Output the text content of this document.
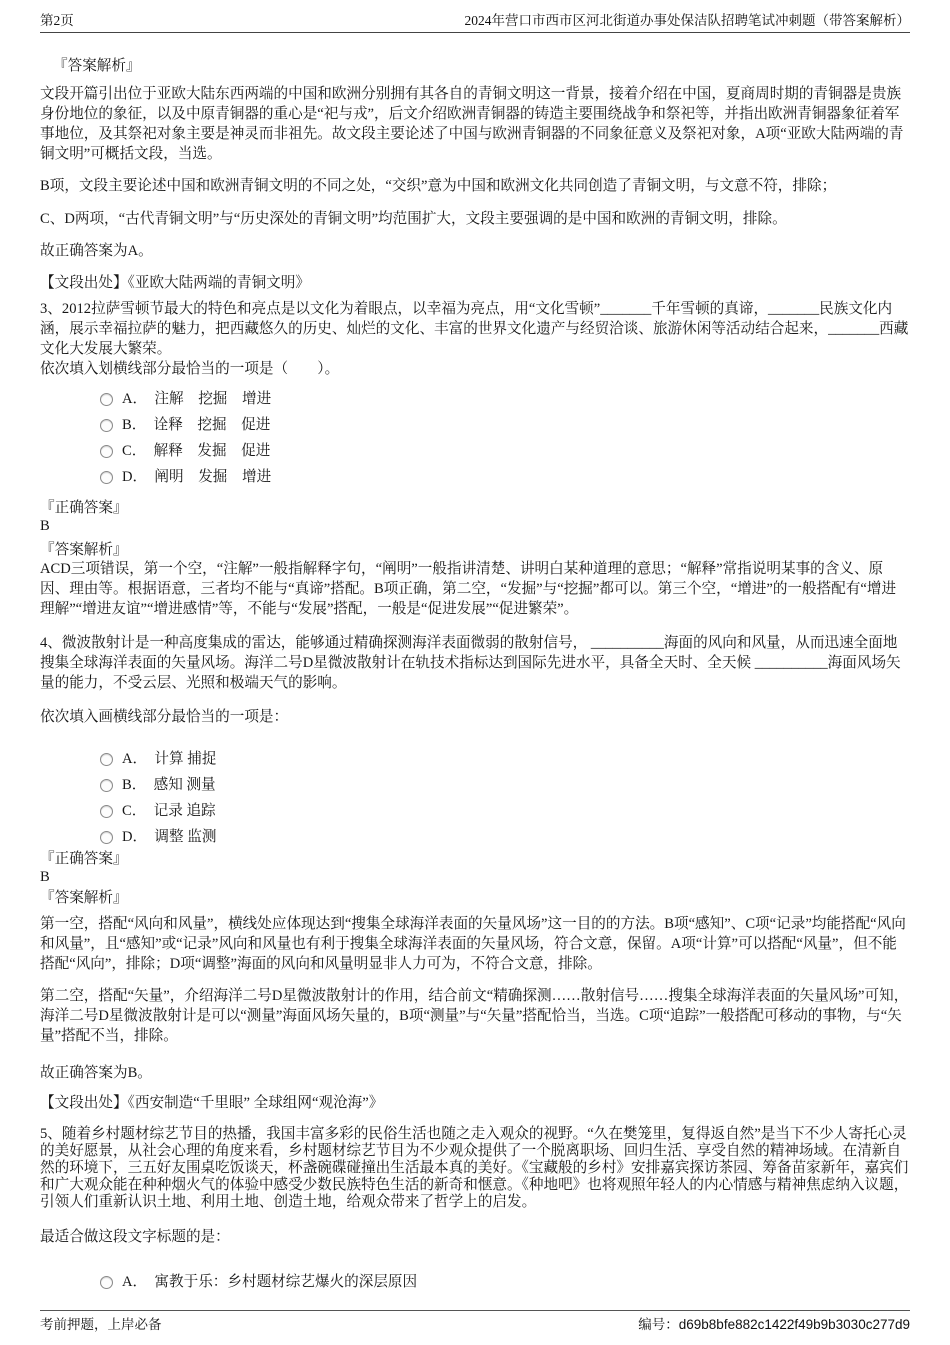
第2页	2024年营口市西市区河北街道办事处保洁队招聘笔试冲刺题（带答案解析）

『答案解析』

文段开篇引出位于亚欧大陆东西两端的中国和欧洲分别拥有其各自的青铜文明这一背景，接着介绍在中国，夏商周时期的青铜器是贵族身份地位的象征，以及中原青铜器的重心是“祀与戎”，后文介绍欧洲青铜器的铸造主要围绕战争和祭祀等，并指出欧洲青铜器象征着军事地位，及其祭祀对象主要是神灵而非祖先。故文段主要论述了中国与欧洲青铜器的不同象征意义及祭祀对象，A项“亚欧大陆两端的青铜文明”可概括文段，当选。

B项，文段主要论述中国和欧洲青铜文明的不同之处，“交织”意为中国和欧洲文化共同创造了青铜文明，与文意不符，排除；

C、D两项，“古代青铜文明”与“历史深处的青铜文明”均范围扩大，文段主要强调的是中国和欧洲的青铜文明，排除。

故正确答案为A。

【文段出处】《亚欧大陆两端的青铜文明》

3、2012拉萨雪顿节最大的特色和亮点是以文化为着眼点，以幸福为亮点，用“文化雪顿”_______千年雪顿的真谛，_______民族文化内涵，展示幸福拉萨的魅力，把西藏悠久的历史、灿烂的文化、丰富的世界文化遗产与经贸洽谈、旅游休闲等活动结合起来，_______西藏文化大发展大繁荣。

依次填入划横线部分最恰当的一项是（　　）。

A．　注解　挖掘　增进
B．　诠释　挖掘　促进
C．　解释　发掘　促进
D．　阐明　发掘　增进

『正确答案』

B

『答案解析』

ACD三项错误，第一个空，“注解”一般指解释字句，“阐明”一般指讲清楚、讲明白某种道理的意思；“解释”常指说明某事的含义、原因、理由等。根据语意，三者均不能与“真谛”搭配。B项正确，第二空，“发掘”与“挖掘”都可以。第三个空，“增进”的一般搭配有“增进理解”“增进友谊”“增进感情”等，不能与“发展”搭配，一般是“促进发展”“促进繁荣”。

4、微波散射计是一种高度集成的雷达，能够通过精确探测海洋表面微弱的散射信号， __________海面的风向和风量，从而迅速全面地搜集全球海洋表面的矢量风场。海洋二号D星微波散射计在轨技术指标达到国际先进水平，具备全天时、全天候 __________海面风场矢量的能力，不受云层、光照和极端天气的影响。

依次填入画横线部分最恰当的一项是：

A．　计算 捕捉
B．　感知 测量
C．　记录 追踪
D．　调整 监测

『正确答案』

B

『答案解析』

第一空，搭配“风向和风量”，横线处应体现达到“搜集全球海洋表面的矢量风场”这一目的的方法。B项“感知”、C项“记录”均能搭配“风向和风量”，且“感知”或“记录”风向和风量也有利于搜集全球海洋表面的矢量风场，符合文意，保留。A项“计算”可以搭配“风量”，但不能搭配“风向”，排除；D项“调整”海面的风向和风量明显非人力可为，不符合文意，排除。

第二空，搭配“矢量”，介绍海洋二号D星微波散射计的作用，结合前文“精确探测……散射信号……搜集全球海洋表面的矢量风场”可知，海洋二号D星微波散射计是可以“测量”海面风场矢量的，B项“测量”与“矢量”搭配恰当，当选。C项“追踪”一般搭配可移动的事物，与“矢量”搭配不当，排除。

故正确答案为B。

【文段出处】《西安制造“千里眼” 全球组网“观沧海”》

5、随着乡村题材综艺节目的热播，我国丰富多彩的民俗生活也随之走入观众的视野。“久在樊笼里，复得返自然”是当下不少人寄托心灵的美好愿景，从社会心理的角度来看，乡村题材综艺节目为不少观众提供了一个脱离职场、回归生活、享受自然的精神场域。在清新自然的环境下，三五好友围桌吃饭谈天，杯盏碗碟碰撞出生活最本真的美好。《宝藏般的乡村》安排嘉宾探访茶园、筹备苗家新年，嘉宾们和广大观众能在种种烟火气的体验中感受少数民族特色生活的新奇和惬意。《种地吧》也将观照年轻人的内心情感与精神焦虑纳入议题，引领人们重新认识土地、利用土地、创造土地，给观众带来了哲学上的启发。

最适合做这段文字标题的是：

A．　寓教于乐：乡村题材综艺爆火的深层原因
考前押题，上岸必备	编号：d69b8bfe882c1422f49b9b3030c277d9
